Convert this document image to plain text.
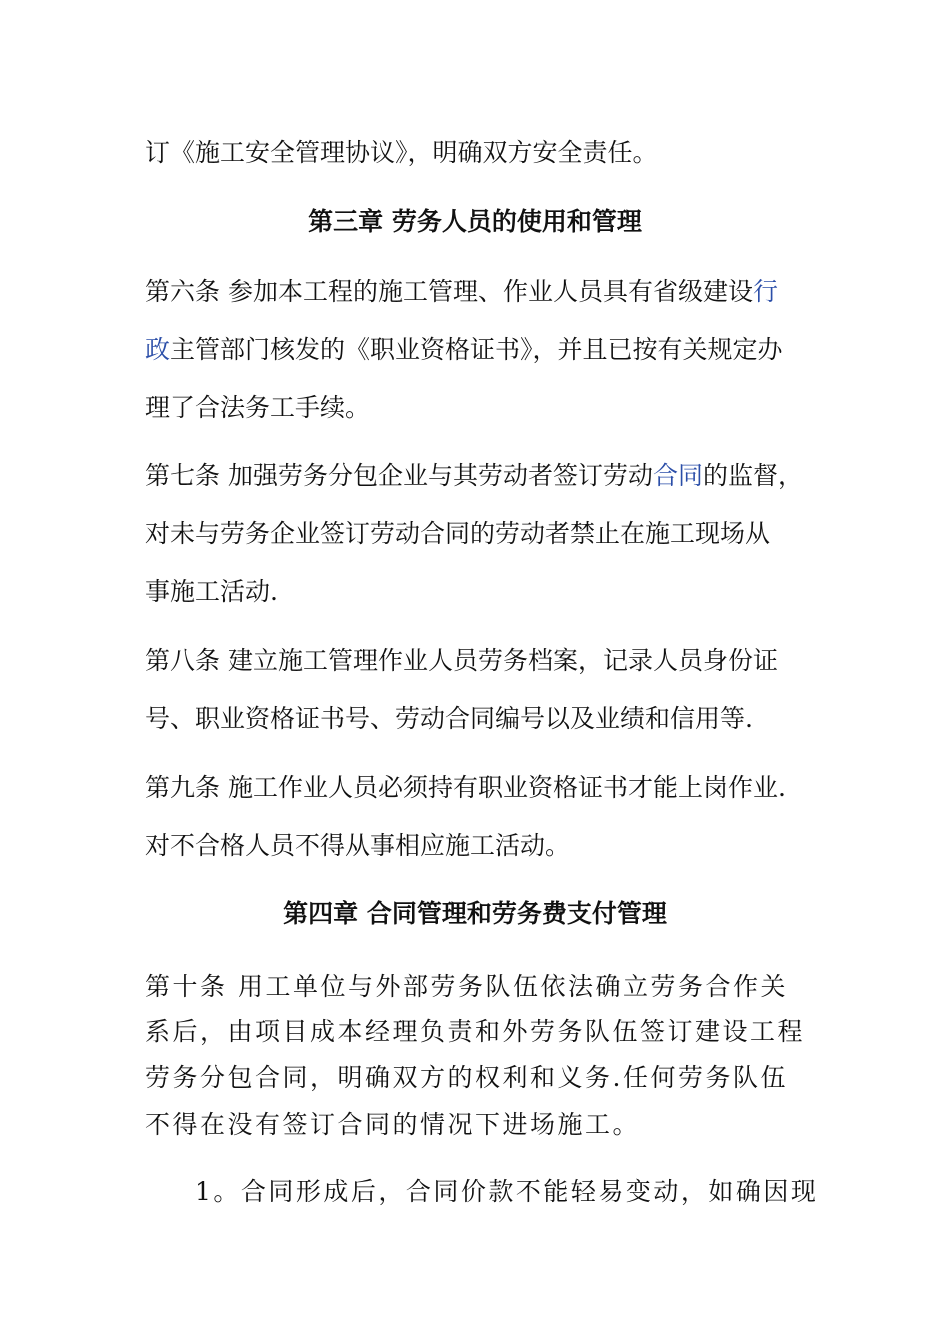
订《施工安全管理协议》，明确双方安全责任。
第三章 劳务人员的使用和管理
第六条 参加本工程的施工管理、作业人员具有省级建设行
政主管部门核发的《职业资格证书》，并且已按有关规定办
理了合法务工手续。
第七条 加强劳务分包企业与其劳动者签订劳动合同的监督，
对未与劳务企业签订劳动合同的劳动者禁止在施工现场从
事施工活动.
第八条 建立施工管理作业人员劳务档案，记录人员身份证
号、职业资格证书号、劳动合同编号以及业绩和信用等.
第九条 施工作业人员必须持有职业资格证书才能上岗作业.
对不合格人员不得从事相应施工活动。
第四章 合同管理和劳务费支付管理
第十条 用工单位与外部劳务队伍依法确立劳务合作关
系后，由项目成本经理负责和外劳务队伍签订建设工程
劳务分包合同，明确双方的权利和义务.任何劳务队伍
不得在没有签订合同的情况下进场施工。
1。合同形成后，合同价款不能轻易变动，如确因现
